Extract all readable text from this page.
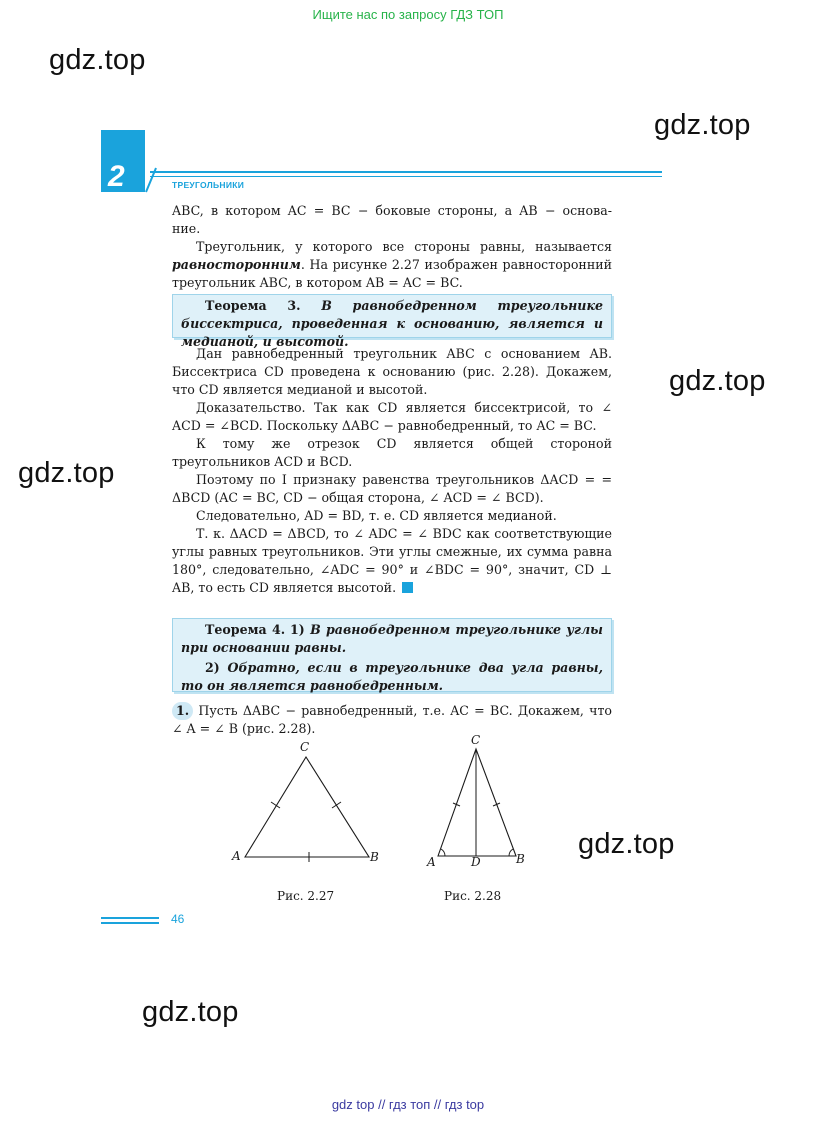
Ищите нас по запросу ГДЗ ТОП
gdz.top
gdz.top
gdz.top
gdz.top
gdz.top
gdz.top
2	ТРЕУГОЛЬНИКИ
ABC, в котором AC = BC − боковые стороны, а AB − основа-
ние.

Треугольник, у которого все стороны равны, называется равносторонним. На рисунке 2.27 изображен равносторонний треугольник ABC, в котором AB = AC = BC.

Теорема 3. В равнобедренном треугольнике биссектриса, проведенная к основанию, является и медианой, и высотой.

Дан равнобедренный треугольник ABC с основанием AB. Биссектриса CD проведена к основанию (рис. 2.28). Докажем, что CD является медианой и высотой.

Доказательство. Так как CD является биссектрисой, то ∠ ACD = ∠BCD. Поскольку ΔABC − равнобедренный, то AC = BC.

К тому же отрезок CD является общей стороной треугольников ACD и BCD.

Поэтому по I признаку равенства треугольников ΔACD = = ΔBCD (AC = BC, CD − общая сторона, ∠ ACD = ∠ BCD).

Следовательно, AD = BD, т. е. CD является медианой.

Т. к. ΔACD = ΔBCD, то ∠ ADC = ∠ BDC как соответствующие углы равных треугольников. Эти углы смежные, их сумма равна 180°, следовательно, ∠ADC = 90° и ∠BDC = 90°, значит, CD ⊥ AB, то есть CD является высотой.

Теорема 4. 1) В равнобедренном треугольнике углы при основании равны.
2) Обратно, если в треугольнике два угла равны, то он является равнобедренным.

1. Пусть ΔABC − равнобедренный, т.е. AC = BC. Докажем, что ∠ A = ∠ B (рис. 2.28).

A
C
B
Рис. 2.27
A
C
B
D
Рис. 2.28
46
gdz top // гдз топ // гдз top
